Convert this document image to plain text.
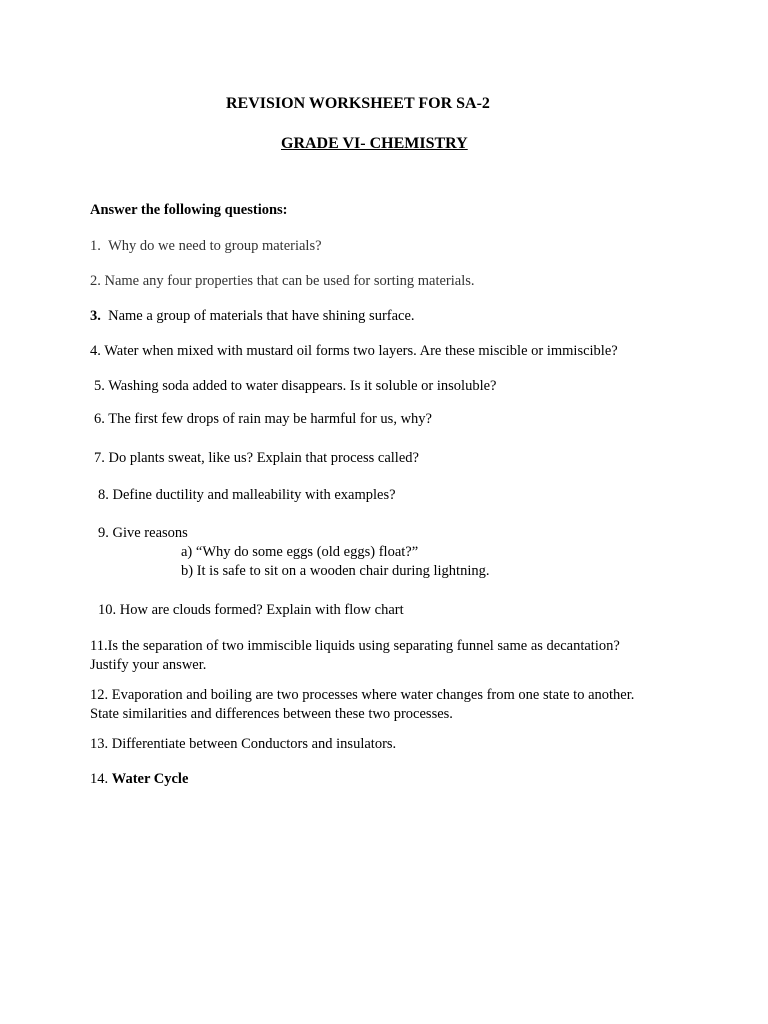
REVISION WORKSHEET FOR SA-2
GRADE VI- CHEMISTRY
Answer the following questions:
1. Why do we need to group materials?
2. Name any four properties that can be used for sorting materials.
3. Name a group of materials that have shining surface.
4. Water when mixed with mustard oil forms two layers. Are these miscible or immiscible?
5. Washing soda added to water disappears. Is it soluble or insoluble?
6. The first few drops of rain may be harmful for us, why?
7. Do plants sweat, like us? Explain that process called?
8. Define ductility and malleability with examples?
9. Give reasons
a) “Why do some eggs (old eggs) float?”
b) It is safe to sit on a wooden chair during lightning.
10. How are clouds formed? Explain with flow chart
11.Is the separation of two immiscible liquids using separating funnel same as decantation?
Justify your answer.
12. Evaporation and boiling are two processes where water changes from one state to another.
State similarities and differences between these two processes.
13. Differentiate between Conductors and insulators.
14. Water Cycle
